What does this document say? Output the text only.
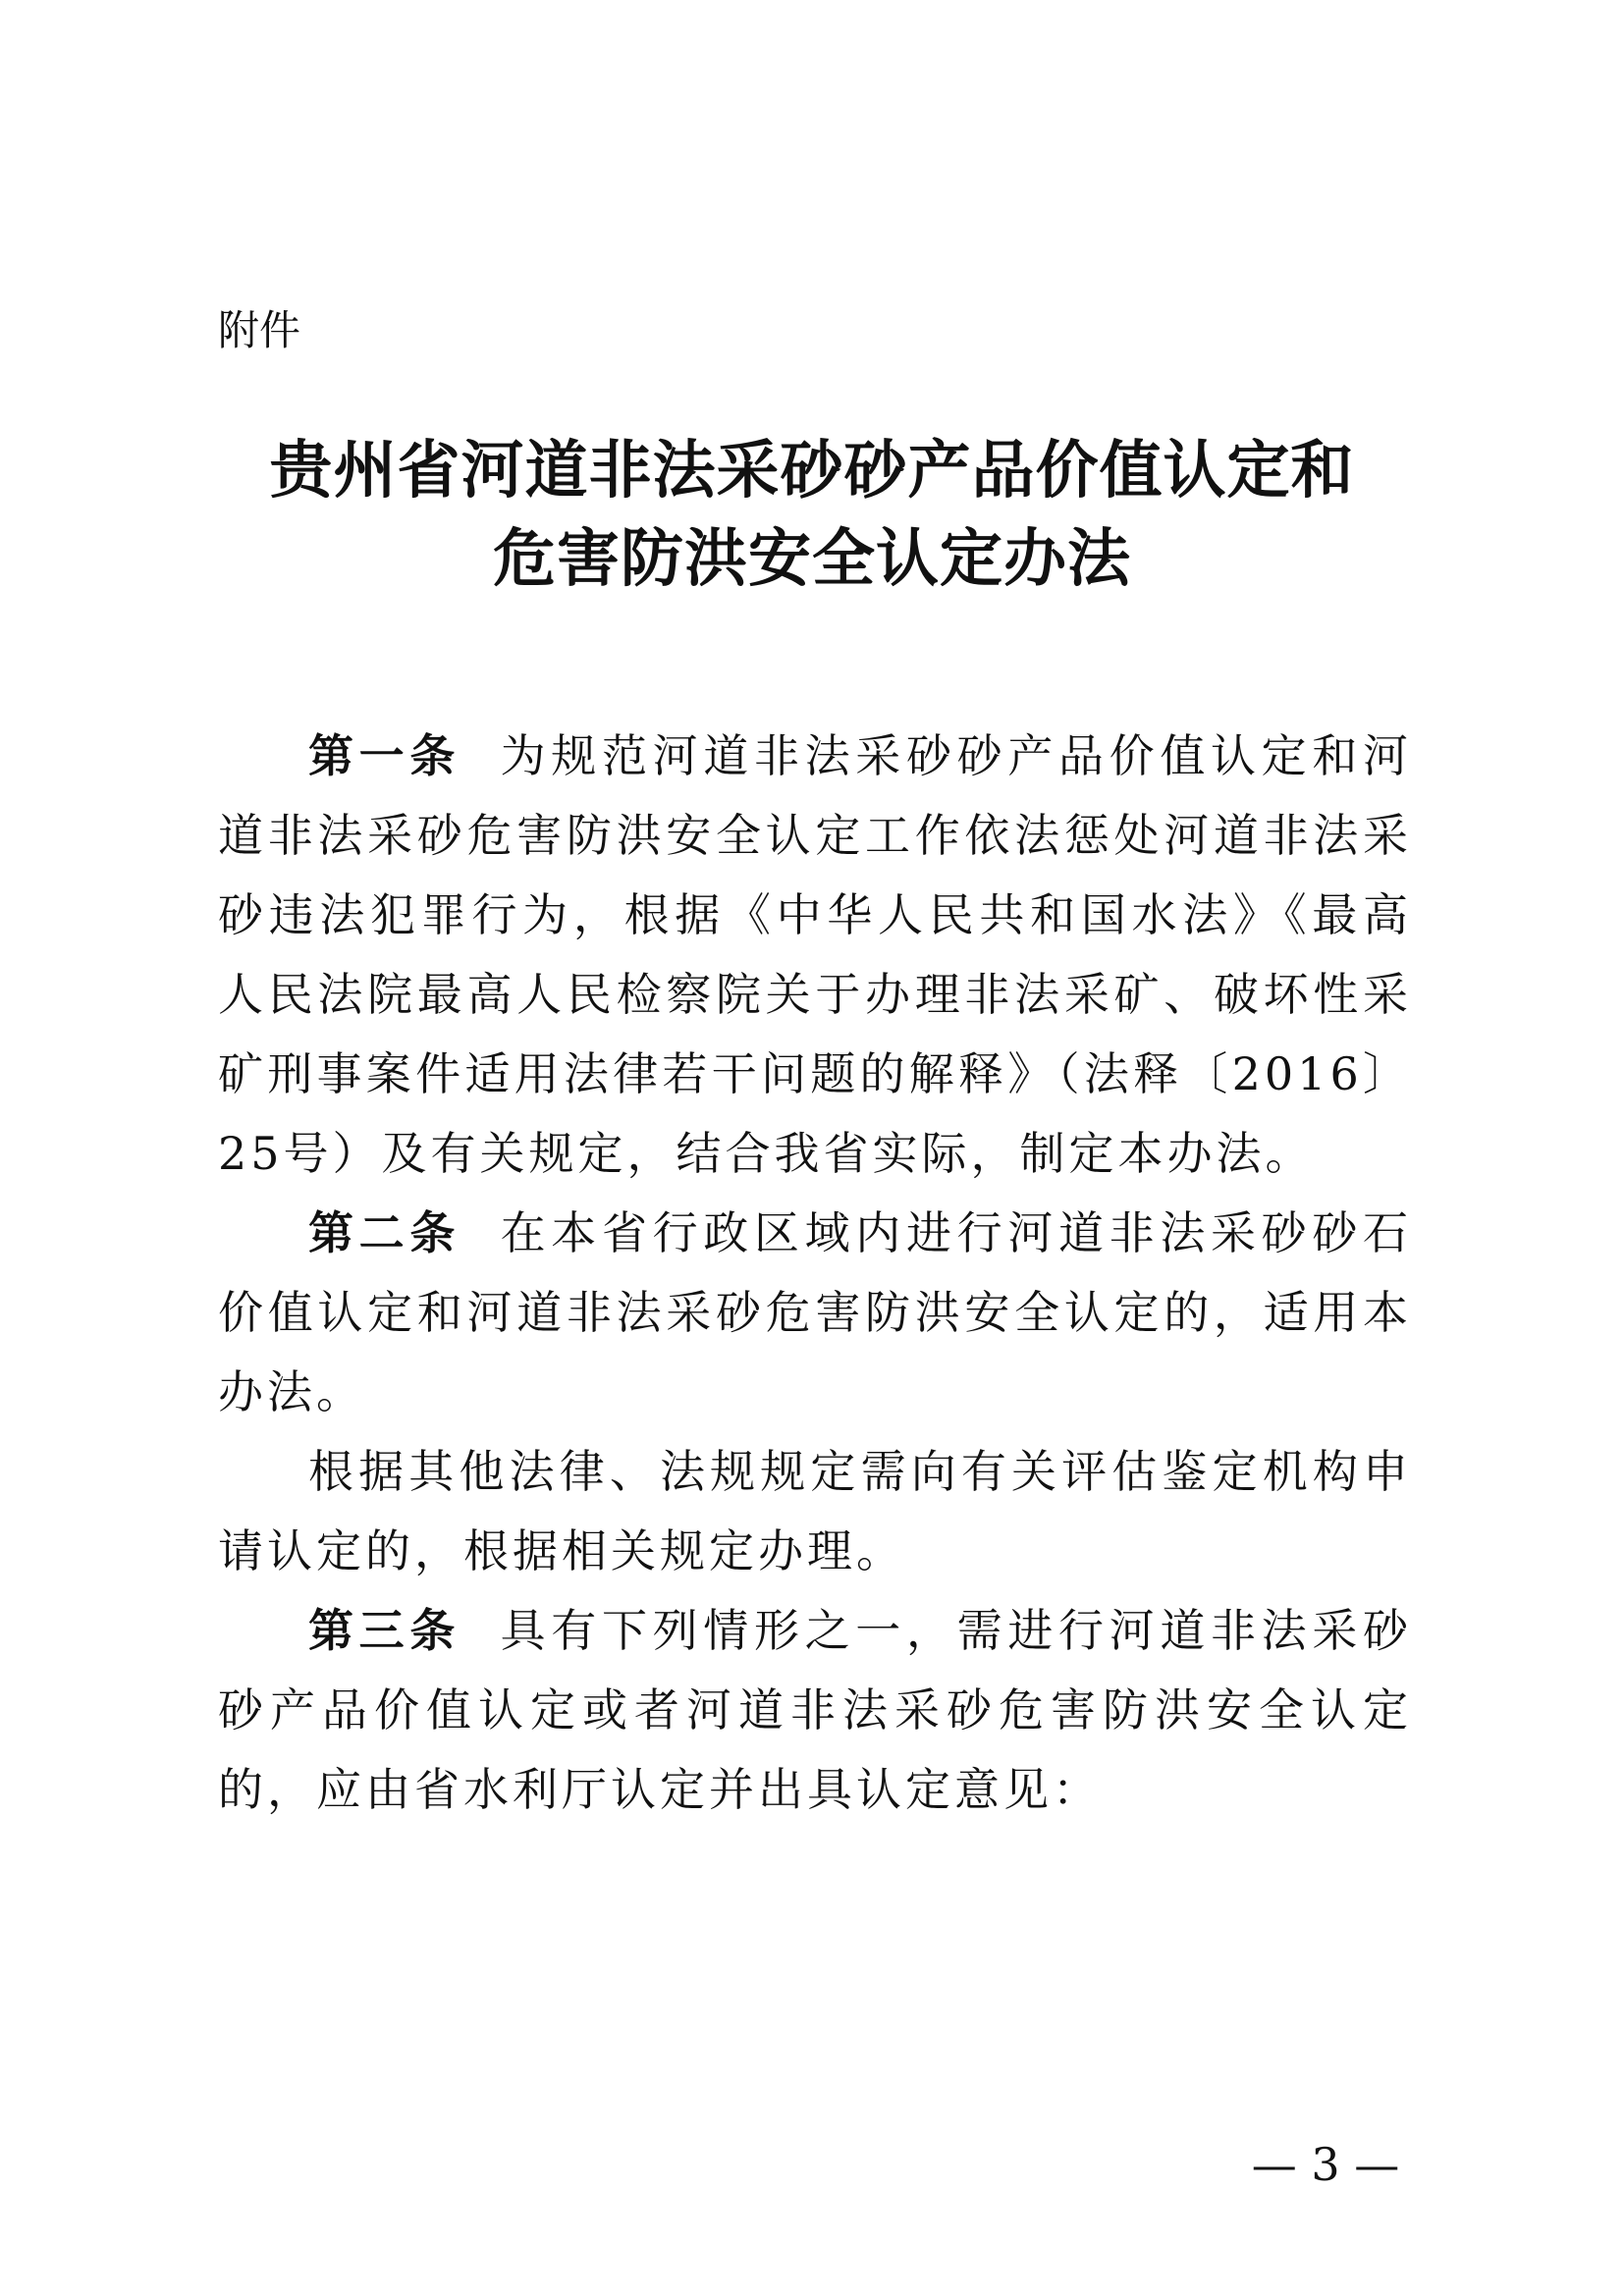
附件
贵州省河道非法采砂砂产品价值认定和
危害防洪安全认定办法

第一条 为规范河道非法采砂砂产品价值认定和河道非法采砂危害防洪安全认定工作依法惩处河道非法采砂违法犯罪行为，根据《中华人民共和国水法》《最高人民法院最高人民检察院关于办理非法采矿、破坏性采矿刑事案件适用法律若干问题的解释》（法释〔2016〕25号）及有关规定，结合我省实际，制定本办法。

第二条 在本省行政区域内进行河道非法采砂砂石价值认定和河道非法采砂危害防洪安全认定的，适用本办法。

根据其他法律、法规规定需向有关评估鉴定机构申请认定的，根据相关规定办理。

第三条 具有下列情形之一，需进行河道非法采砂砂产品价值认定或者河道非法采砂危害防洪安全认定的，应由省水利厅认定并出具认定意见：

— 3 —
